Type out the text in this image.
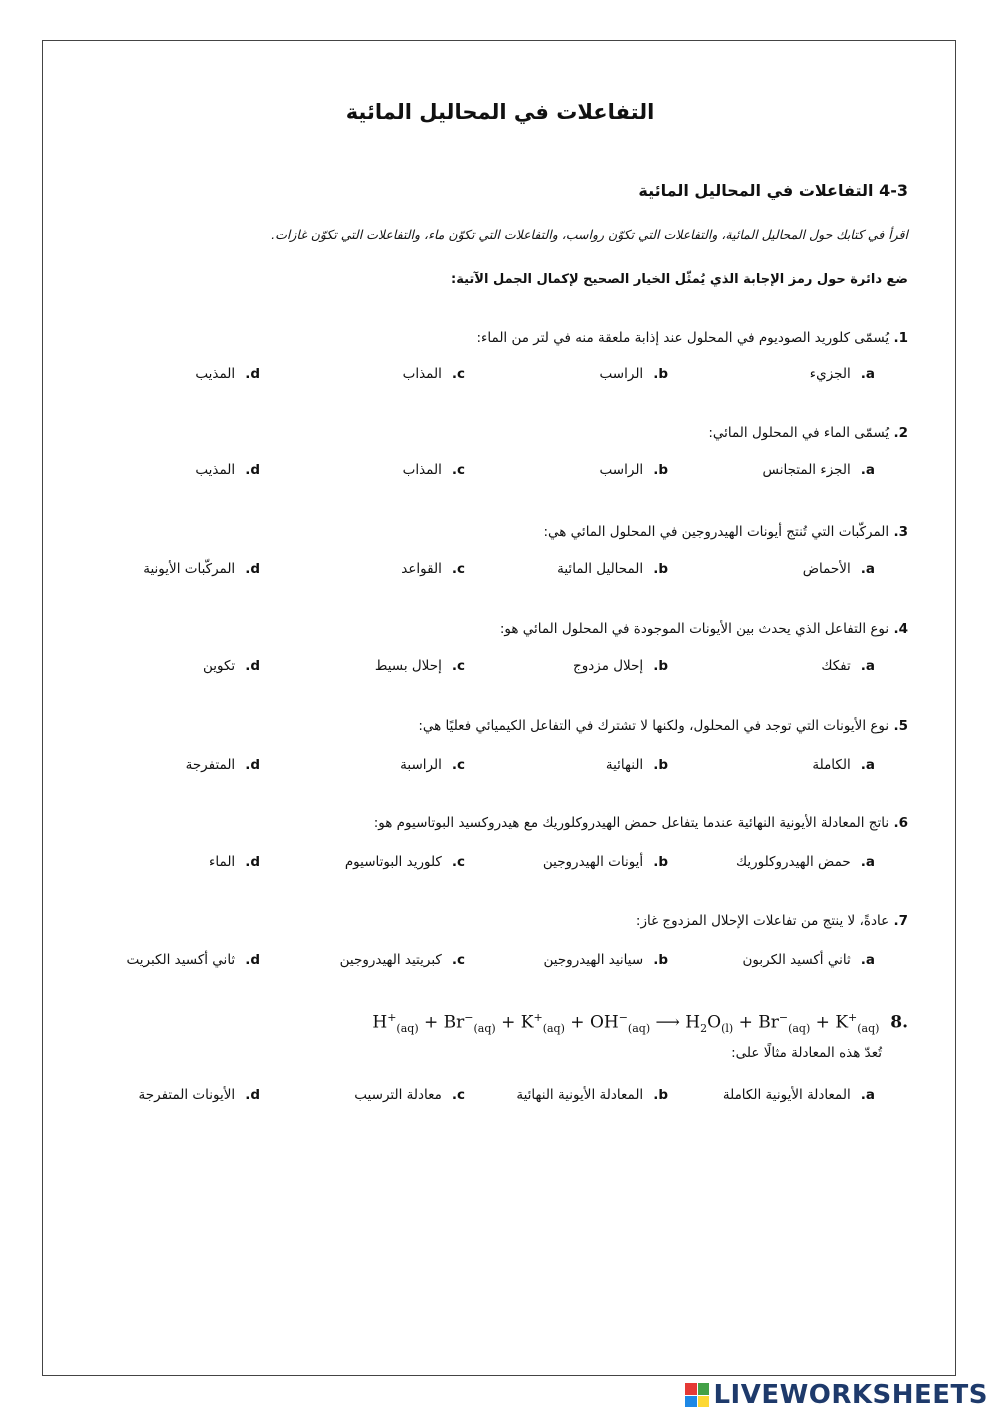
التفاعلات في المحاليل المائية
4-3 التفاعلات في المحاليل المائية
اقرأ في كتابك حول المحاليل المائية، والتفاعلات التي تكوّن رواسب، والتفاعلات التي تكوّن ماء، والتفاعلات التي تكوّن غازات.
ضع دائرة حول رمز الإجابة الذي يُمثّل الخيار الصحيح لإكمال الجمل الآتية:
1. يُسمّى كلوريد الصوديوم في المحلول عند إذابة ملعقة منه في لتر من الماء:
a.الجزيء
b.الراسب
c.المذاب
d.المذيب
2. يُسمّى الماء في المحلول المائي:
a.الجزء المتجانس
b.الراسب
c.المذاب
d.المذيب
3. المركّبات التي تُنتج أيونات الهيدروجين في المحلول المائي هي:
a.الأحماض
b.المحاليل المائية
c.القواعد
d.المركّبات الأيونية
4. نوع التفاعل الذي يحدث بين الأيونات الموجودة في المحلول المائي هو:
a.تفكك
b.إحلال مزدوج
c.إحلال بسيط
d.تكوين
5. نوع الأيونات التي توجد في المحلول، ولكنها لا تشترك في التفاعل الكيميائي فعليًا هي:
a.الكاملة
b.النهائية
c.الراسبة
d.المتفرجة
6. ناتج المعادلة الأيونية النهائية عندما يتفاعل حمض الهيدروكلوريك مع هيدروكسيد البوتاسيوم هو:
a.حمض الهيدروكلوريك
b.أيونات الهيدروجين
c.كلوريد البوتاسيوم
d.الماء
7. عادةً، لا ينتج من تفاعلات الإحلال المزدوج غاز:
a.ثاني أكسيد الكربون
b.سيانيد الهيدروجين
c.كبريتيد الهيدروجين
d.ثاني أكسيد الكبريت
$H^+_{(aq)} + Br^-_{(aq)} + K^+_{(aq)} + OH^-_{(aq)}$ ⟶ $H_2O_{(l)} + Br^-_{(aq)} + K^+_{(aq)}$ 8.
تُعدّ هذه المعادلة مثالًا على:
a.المعادلة الأيونية الكاملة
b.المعادلة الأيونية النهائية
c.معادلة الترسيب
d.الأيونات المتفرجة
LIVEWORKSHEETS
